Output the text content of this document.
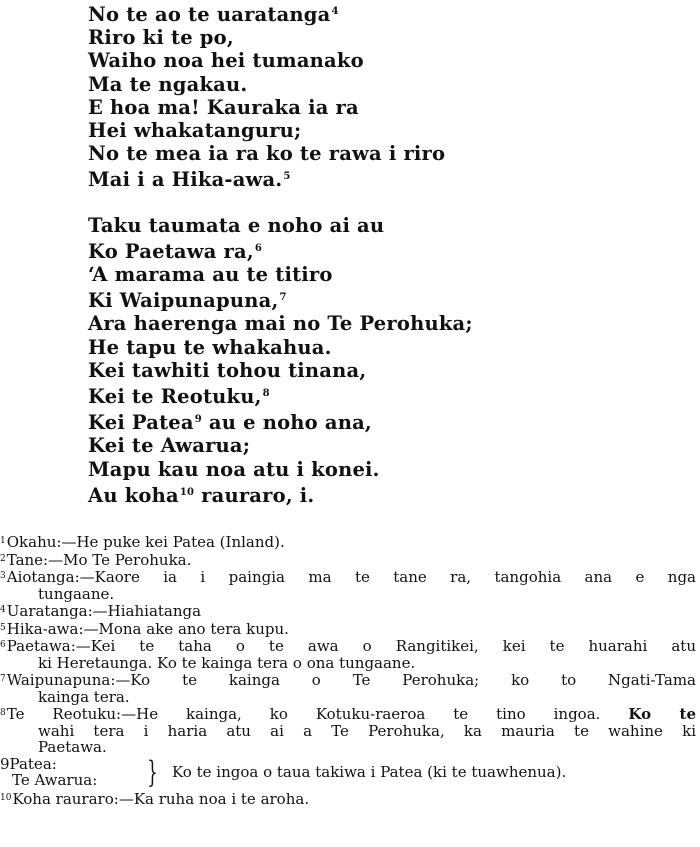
No te ao te uaratanga$^4$
Riro ki te po,
Waiho noa hei tumanako
Ma te ngakau.
E hoa ma! Kauraka ia ra
Hei whakatanguru;
No te mea ia ra ko te rawa i riro
Mai i a Hika-awa.$^5$
Taku taumata e noho ai au
Ko Paetawa ra,$^6$
‘A marama au te titiro
Ki Waipunapuna,$^7$
Ara haerenga mai no Te Perohuka;
He tapu te whakahua.
Kei tawhiti tohou tinana,
Kei te Reotuku,$^8$
Kei Patea$^9$ au e noho ana,
Kei te Awarua;
Mapu kau noa atu i konei.
Au koha$^{10}$ rauraro, i.
$^1$Okahu:—He puke kei Patea (Inland).
$^2$Tane:—Mo Te Perohuka.
$^3$Aiotanga:—Kaore ia i paingia ma te tane ra, tangohia ana e nga
tungaane.
$^4$Uaratanga:—Hiahiatanga
$^5$Hika-awa:—Mona ake ano tera kupu.
$^6$Paetawa:—Kei te taha o te awa o Rangitikei, kei te huarahi atu
ki Heretaunga. Ko te kainga tera o ona tungaane.
$^7$Waipunapuna:—Ko te kainga o Te Perohuka; ko to Ngati-Tama
kainga tera.
$^8$Te Reotuku:—He kainga, ko Kotuku-raeroa te tino ingoa. Ko te
wahi tera i haria atu ai a Te Perohuka, ka mauria te wahine ki
Paetawa.
9Patea:
Te Awarua: } Ko te ingoa o taua takiwa i Patea (ki te tuawhenua).
$^{10}$Koha rauraro:—Ka ruha noa i te aroha.
